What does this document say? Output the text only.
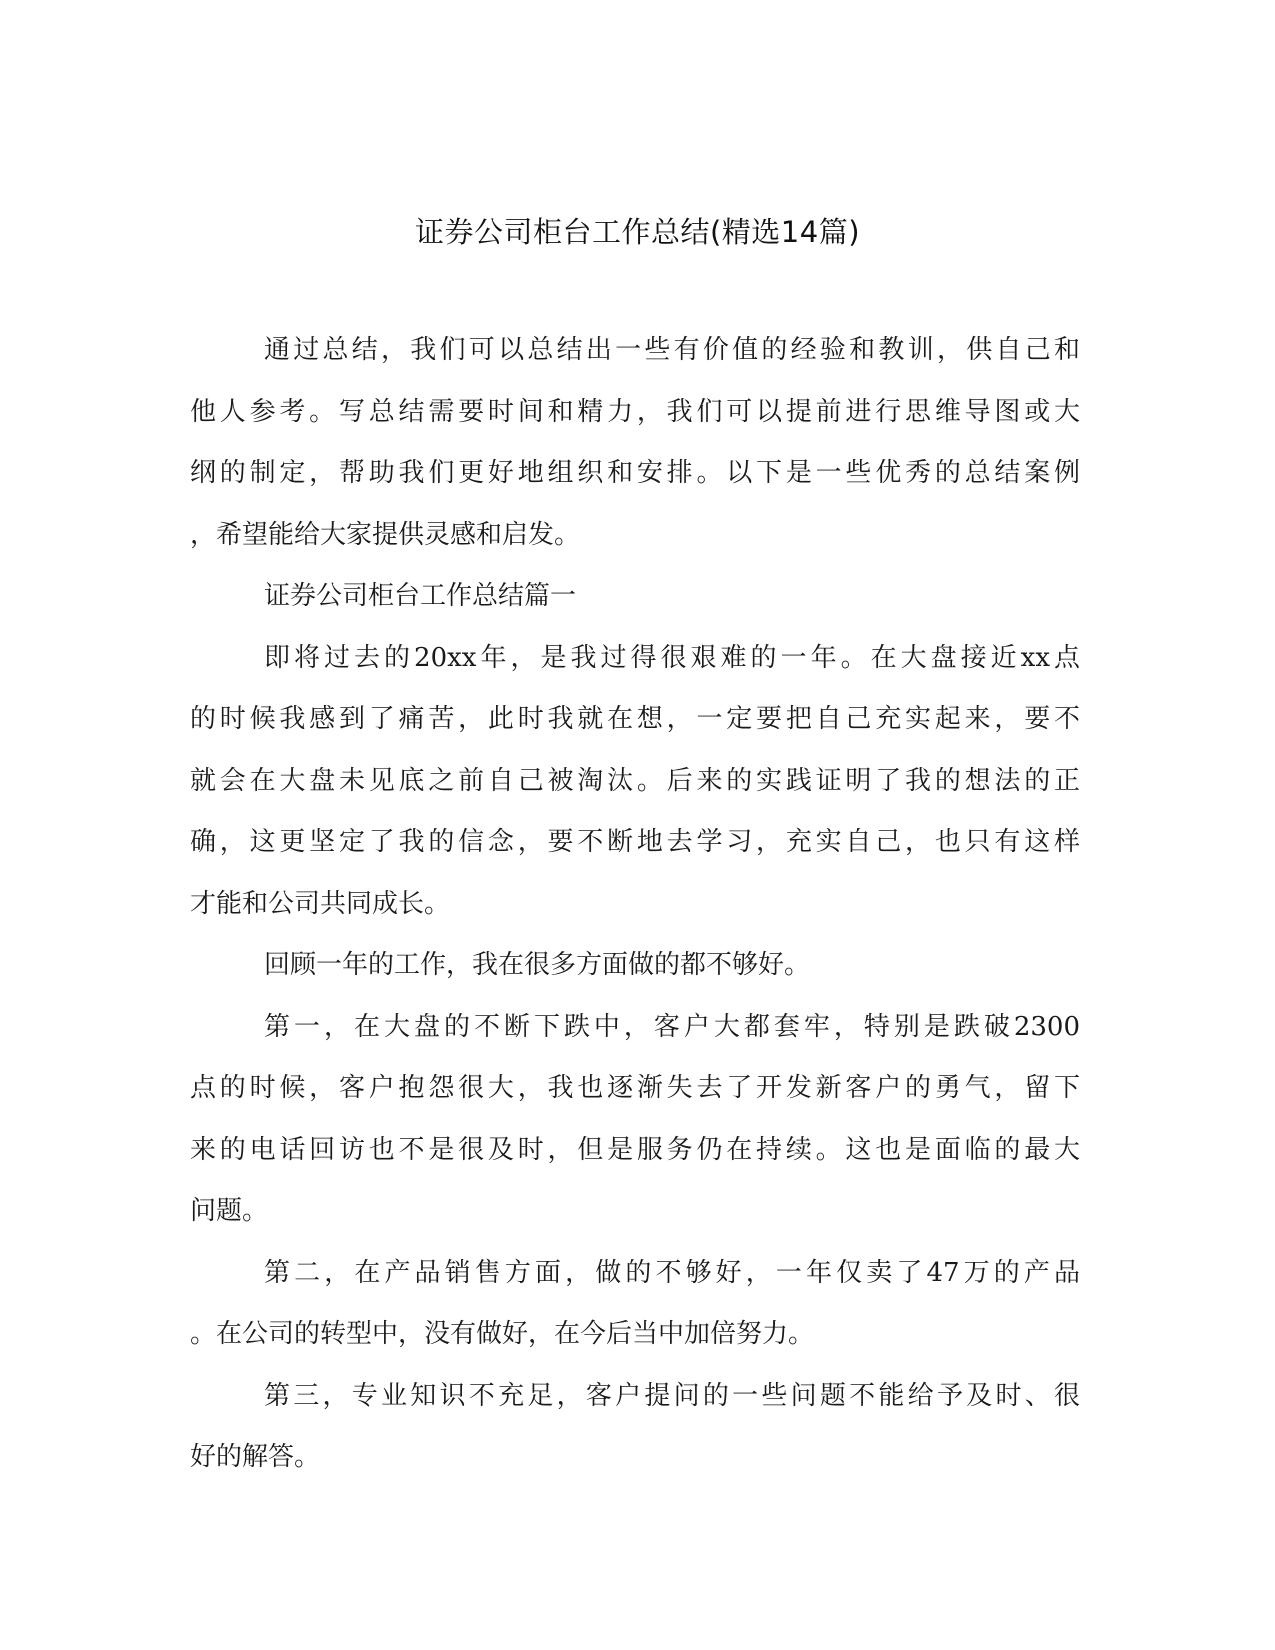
证券公司柜台工作总结(精选14篇)
通过总结，我们可以总结出一些有价值的经验和教训，供自己和
他人参考。写总结需要时间和精力，我们可以提前进行思维导图或大
纲的制定，帮助我们更好地组织和安排。以下是一些优秀的总结案例
，希望能给大家提供灵感和启发。
证券公司柜台工作总结篇一
即将过去的20xx年，是我过得很艰难的一年。在大盘接近xx点
的时候我感到了痛苦，此时我就在想，一定要把自己充实起来，要不
就会在大盘未见底之前自己被淘汰。后来的实践证明了我的想法的正
确，这更坚定了我的信念，要不断地去学习，充实自己，也只有这样
才能和公司共同成长。
回顾一年的工作，我在很多方面做的都不够好。
第一，在大盘的不断下跌中，客户大都套牢，特别是跌破2300
点的时候，客户抱怨很大，我也逐渐失去了开发新客户的勇气，留下
来的电话回访也不是很及时，但是服务仍在持续。这也是面临的最大
问题。
第二，在产品销售方面，做的不够好，一年仅卖了47万的产品
。在公司的转型中，没有做好，在今后当中加倍努力。
第三，专业知识不充足，客户提问的一些问题不能给予及时、很
好的解答。
